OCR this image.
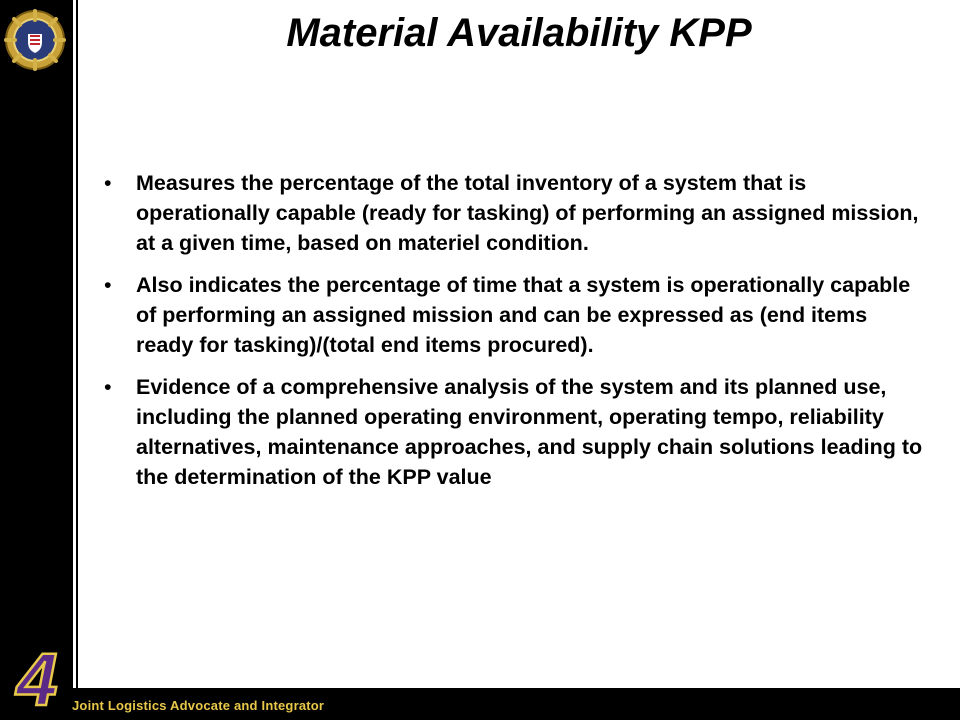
Material Availability KPP
• Measures the percentage of the total inventory of a system that is operationally capable (ready for tasking) of performing an assigned mission, at a given time, based on materiel condition.
• Also indicates the percentage of time that a system is operationally capable of performing an assigned mission and can be expressed as (end items ready for tasking)/(total end items procured).
• Evidence of a comprehensive analysis of the system and its planned use, including the planned operating environment, operating tempo, reliability alternatives, maintenance approaches, and supply chain solutions leading to the determination of the KPP value
4 Joint Logistics Advocate and Integrator
